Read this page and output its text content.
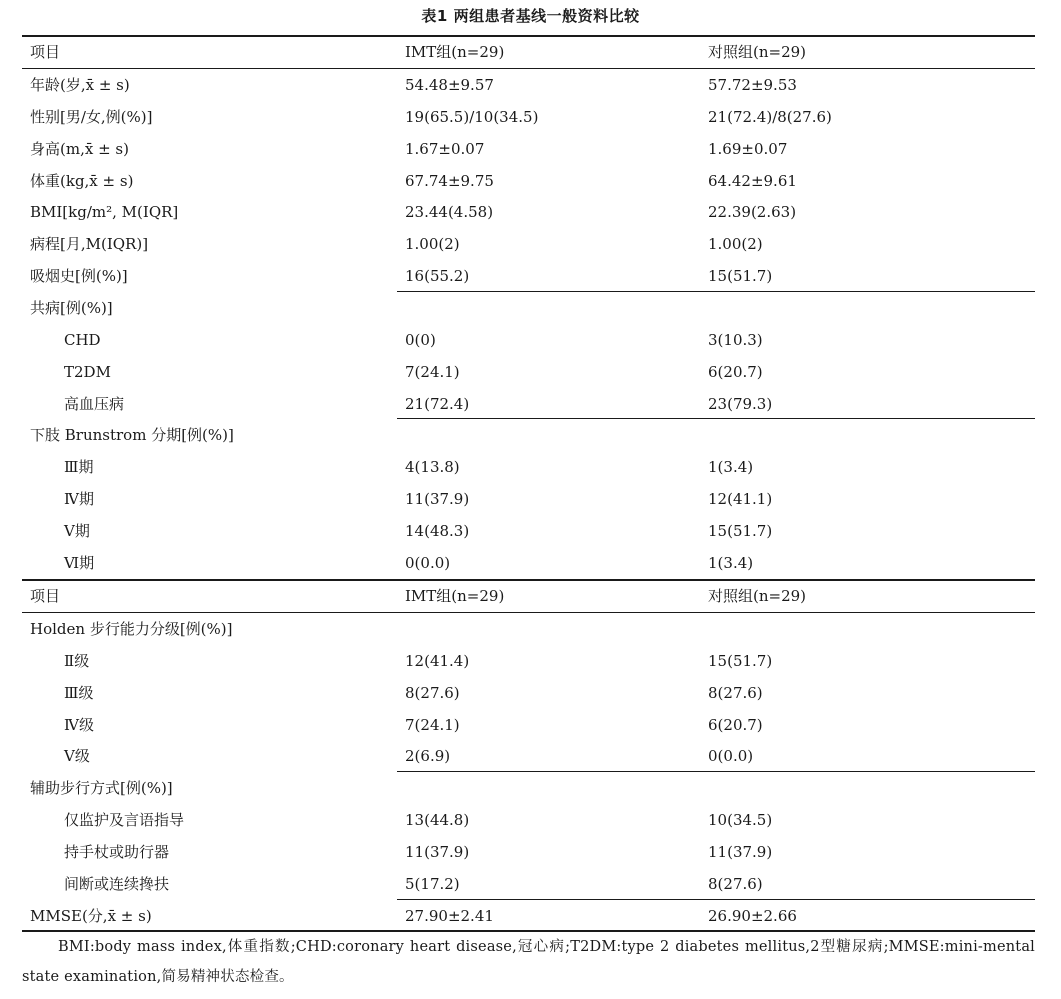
表1 两组患者基线一般资料比较
项目	IMT组(n=29)	对照组(n=29)
年龄(岁,x̄ ± s)	54.48±9.57	57.72±9.53
性别[男/女,例(%)]	19(65.5)/10(34.5)	21(72.4)/8(27.6)
身高(m,x̄ ± s)	1.67±0.07	1.69±0.07
体重(kg,x̄ ± s)	67.74±9.75	64.42±9.61
BMI[kg/m², M(IQR]	23.44(4.58)	22.39(2.63)
病程[月,M(IQR)]	1.00(2)	1.00(2)
吸烟史[例(%)]	16(55.2)	15(51.7)
共病[例(%)]
CHD	0(0)	3(10.3)
T2DM	7(24.1)	6(20.7)
高血压病	21(72.4)	23(79.3)
下肢 Brunstrom 分期[例(%)]
Ⅲ期	4(13.8)	1(3.4)
Ⅳ期	11(37.9)	12(41.1)
Ⅴ期	14(48.3)	15(51.7)
Ⅵ期	0(0.0)	1(3.4)
项目	IMT组(n=29)	对照组(n=29)
Holden 步行能力分级[例(%)]
Ⅱ级	12(41.4)	15(51.7)
Ⅲ级	8(27.6)	8(27.6)
Ⅳ级	7(24.1)	6(20.7)
Ⅴ级	2(6.9)	0(0.0)
辅助步行方式[例(%)]
仅监护及言语指导	13(44.8)	10(34.5)
持手杖或助行器	11(37.9)	11(37.9)
间断或连续搀扶	5(17.2)	8(27.6)
MMSE(分,x̄ ± s)	27.90±2.41	26.90±2.66
BMI:body mass index,体重指数;CHD:coronary heart disease,冠心病;T2DM:type 2 diabetes mellitus,2型糖尿病;MMSE:mini-mental state examination,简易精神状态检查。
